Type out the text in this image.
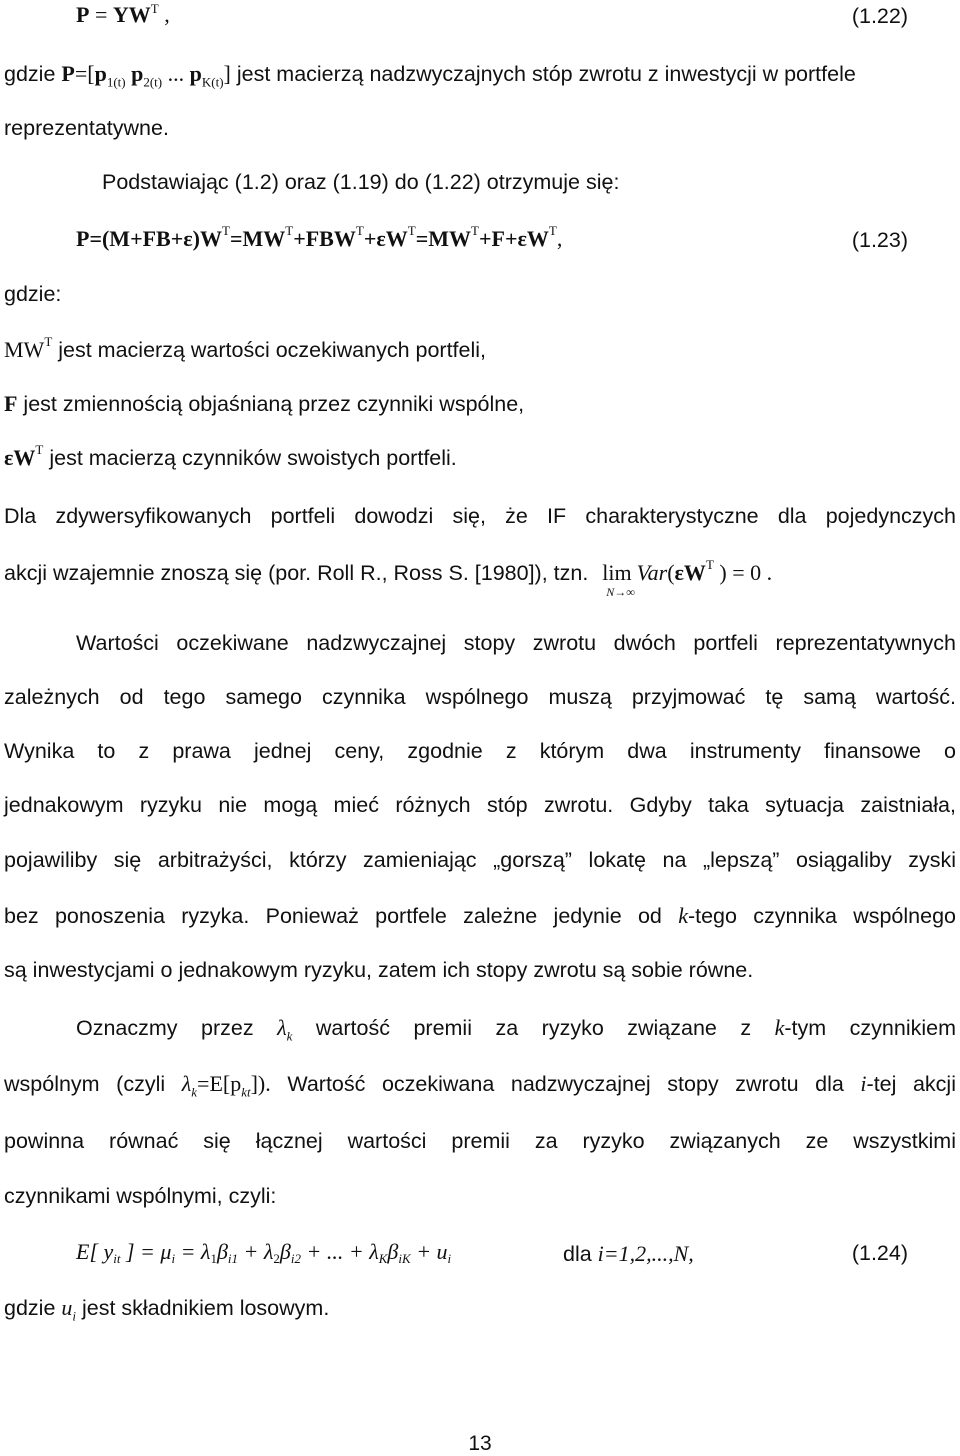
$P = YW^T$ ,	(1.22)
gdzie $P=[p_{1(t)}$ $p_{2(t)}$ ... $p_{K(t)}$] jest macierzą nadzwyczajnych stóp zwrotu z inwestycji w portfele
reprezentatywne.
Podstawiając (1.2) oraz (1.19) do (1.22) otrzymuje się:
$P=(M+FB+\varepsilon)W^T=MW^T+FBW^T+\varepsilon W^T=MW^T+F+\varepsilon W^T$,	(1.23)
gdzie:
$MW^T$ jest macierzą wartości oczekiwanych portfeli,
F jest zmiennością objaśnianą przez czynniki wspólne,
$\varepsilon W^T$ jest macierzą czynników swoistych portfeli.
Dla zdywersyfikowanych portfeli dowodzi się, że IF charakterystyczne dla pojedynczych
akcji wzajemnie znoszą się (por. Roll R., Ross S. [1980]), tzn. lim
N→∞
$Var(\varepsilon W^T$ ) = 0 .
Wartości oczekiwane nadzwyczajnej stopy zwrotu dwóch portfeli reprezentatywnych
zależnych od tego samego czynnika wspólnego muszą przyjmować tę samą wartość.
Wynika to z prawa jednej ceny, zgodnie z którym dwa instrumenty finansowe o
jednakowym ryzyku nie mogą mieć różnych stóp zwrotu. Gdyby taka sytuacja zaistniała,
pojawiliby się arbitrażyści, którzy zamieniając „gorszą” lokatę na „lepszą” osiągaliby zyski
bez ponoszenia ryzyka. Ponieważ portfele zależne jedynie od k-tego czynnika wspólnego
są inwestycjami o jednakowym ryzyku, zatem ich stopy zwrotu są sobie równe.
Oznaczmy przez $\lambda_k$ wartość premii za ryzyko związane z k-tym czynnikiem
wspólnym (czyli $\lambda_k=E[p_{kt}]$). Wartość oczekiwana nadzwyczajnej stopy zwrotu dla i-tej akcji
powinna równać się łącznej wartości premii za ryzyko związanych ze wszystkimi
czynnikami wspólnymi, czyli:
E[ $y_{it}$ ] = $\mu_i = \lambda_1\beta_{i1} + \lambda_2\beta_{i2}$ + ... + $\lambda_K\beta_{iK} + u_i$	dla i=1,2,...,N,	(1.24)
gdzie $u_i$ jest składnikiem losowym.
13
